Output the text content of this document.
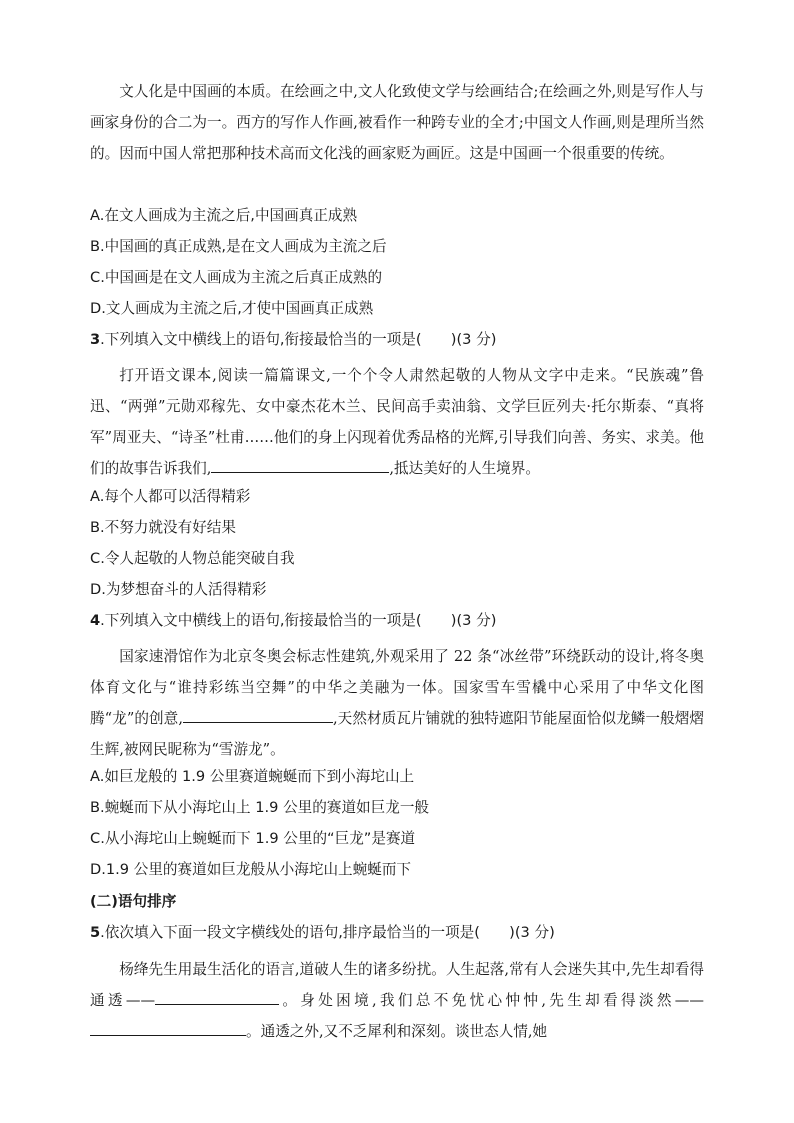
文人化是中国画的本质。在绘画之中,文人化致使文学与绘画结合;在绘画之外,则是写作人与画家身份的合二为一。西方的写作人作画,被看作一种跨专业的全才;中国文人作画,则是理所当然的。因而中国人常把那种技术高而文化浅的画家贬为画匠。这是中国画一个很重要的传统。

A.在文人画成为主流之后,中国画真正成熟

B.中国画的真正成熟,是在文人画成为主流之后

C.中国画是在文人画成为主流之后真正成熟的

D.文人画成为主流之后,才使中国画真正成熟

3.下列填入文中横线上的语句,衔接最恰当的一项是(　　)(3 分)

打开语文课本,阅读一篇篇课文,一个个令人肃然起敬的人物从文字中走来。“民族魂”鲁迅、“两弹”元勋邓稼先、女中豪杰花木兰、民间高手卖油翁、文学巨匠列夫·托尔斯泰、“真将军”周亚夫、“诗圣”杜甫……他们的身上闪现着优秀品格的光辉,引导我们向善、务实、求美。他们的故事告诉我们,	,抵达美好的人生境界。

A.每个人都可以活得精彩

B.不努力就没有好结果

C.令人起敬的人物总能突破自我

D.为梦想奋斗的人活得精彩

4.下列填入文中横线上的语句,衔接最恰当的一项是(　　)(3 分)

国家速滑馆作为北京冬奥会标志性建筑,外观采用了 22 条“冰丝带”环绕跃动的设计,将冬奥体育文化与“谁持彩练当空舞”的中华之美融为一体。国家雪车雪橇中心采用了中华文化图腾“龙”的创意,	,天然材质瓦片铺就的独特遮阳节能屋面恰似龙鳞一般熠熠生辉,被网民昵称为“雪游龙”。

A.如巨龙般的 1.9 公里赛道蜿蜒而下到小海坨山上

B.蜿蜒而下从小海坨山上 1.9 公里的赛道如巨龙一般

C.从小海坨山上蜿蜒而下 1.9 公里的“巨龙”是赛道

D.1.9 公里的赛道如巨龙般从小海坨山上蜿蜒而下

(二)语句排序

5.依次填入下面一段文字横线处的语句,排序最恰当的一项是(　　)(3 分)

杨绛先生用最生活化的语言,道破人生的诸多纷扰。人生起落,常有人会迷失其中,先生却看得通透——	。身处困境,我们总不免忧心忡忡,先生却看得淡然——。通透之外,又不乏犀利和深刻。谈世态人情,她
